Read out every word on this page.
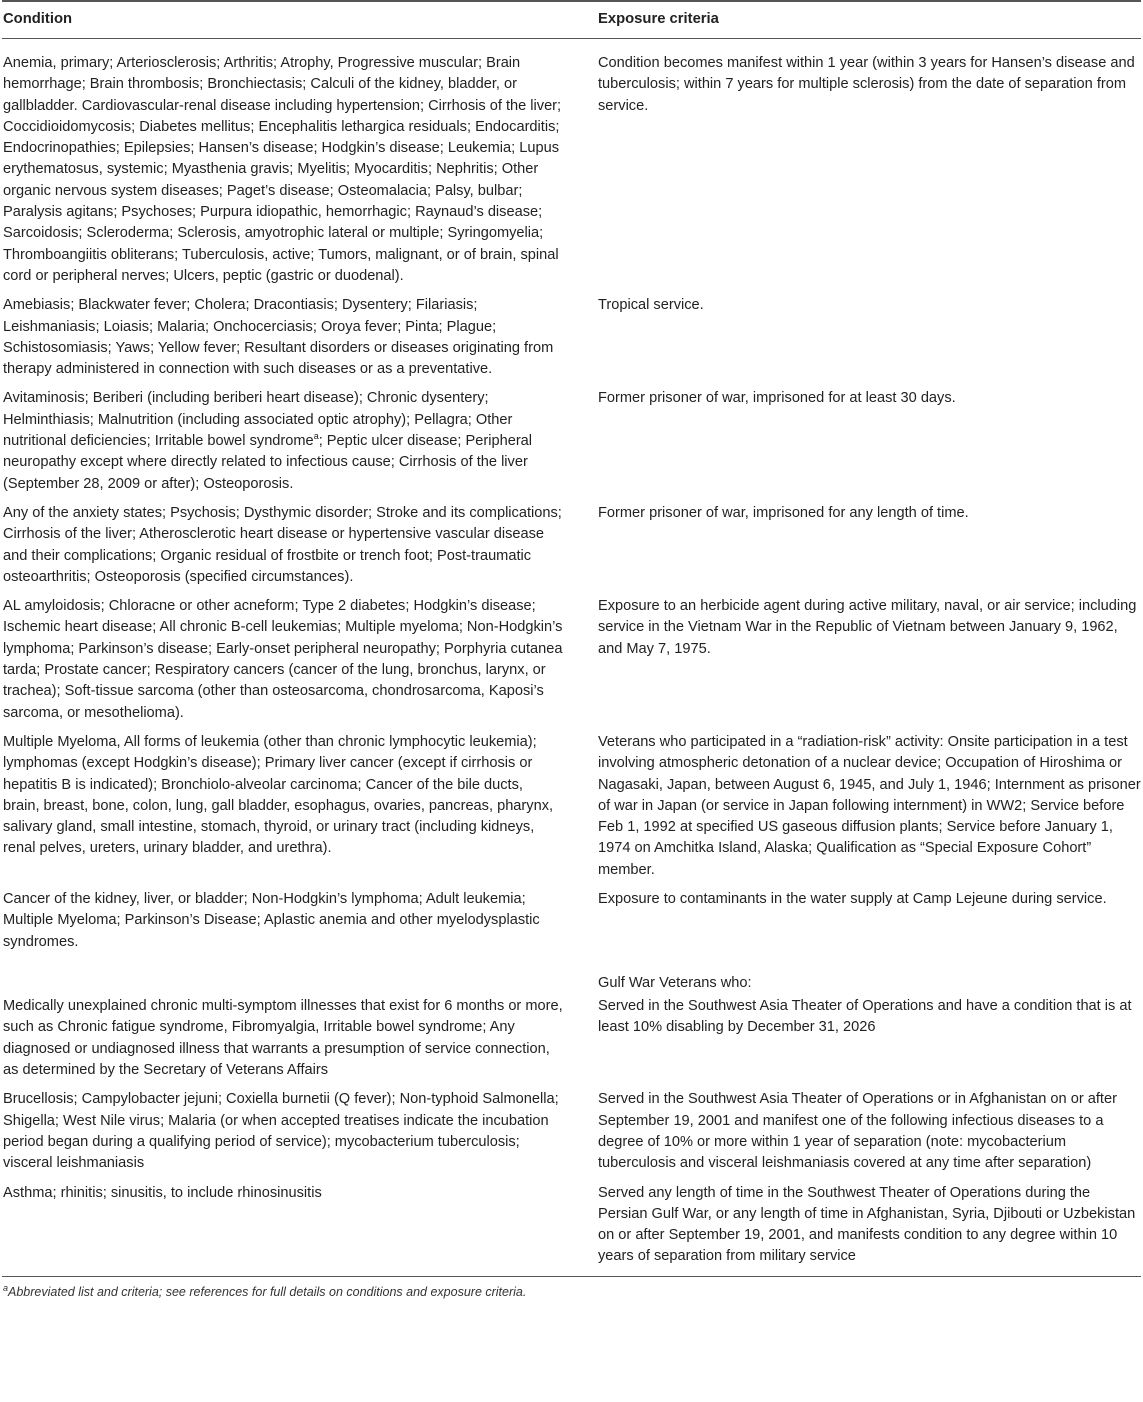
Condition	Exposure criteria
Anemia, primary; Arteriosclerosis; Arthritis; Atrophy, Progressive muscular; Brain hemorrhage; Brain thrombosis; Bronchiectasis; Calculi of the kidney, bladder, or gallbladder. Cardiovascular-renal disease including hypertension; Cirrhosis of the liver; Coccidioidomycosis; Diabetes mellitus; Encephalitis lethargica residuals; Endocarditis; Endocrinopathies; Epilepsies; Hansen’s disease; Hodgkin’s disease; Leukemia; Lupus erythematosus, systemic; Myasthenia gravis; Myelitis; Myocarditis; Nephritis; Other organic nervous system diseases; Paget’s disease; Osteomalacia; Palsy, bulbar; Paralysis agitans; Psychoses; Purpura idiopathic, hemorrhagic; Raynaud’s disease; Sarcoidosis; Scleroderma; Sclerosis, amyotrophic lateral or multiple; Syringomyelia; Thromboangiitis obliterans; Tuberculosis, active; Tumors, malignant, or of brain, spinal cord or peripheral nerves; Ulcers, peptic (gastric or duodenal).
Condition becomes manifest within 1 year (within 3 years for Hansen’s disease and tuberculosis; within 7 years for multiple sclerosis) from the date of separation from service.
Amebiasis; Blackwater fever; Cholera; Dracontiasis; Dysentery; Filariasis; Leishmaniasis; Loiasis; Malaria; Onchocerciasis; Oroya fever; Pinta; Plague; Schistosomiasis; Yaws; Yellow fever; Resultant disorders or diseases originating from therapy administered in connection with such diseases or as a preventative.
Tropical service.
Avitaminosis; Beriberi (including beriberi heart disease); Chronic dysentery; Helminthiasis; Malnutrition (including associated optic atrophy); Pellagra; Other nutritional deficiencies; Irritable bowel syndrome$^a$; Peptic ulcer disease; Peripheral neuropathy except where directly related to infectious cause; Cirrhosis of the liver (September 28, 2009 or after); Osteoporosis.
Former prisoner of war, imprisoned for at least 30 days.
Any of the anxiety states; Psychosis; Dysthymic disorder; Stroke and its complications; Cirrhosis of the liver; Atherosclerotic heart disease or hypertensive vascular disease and their complications; Organic residual of frostbite or trench foot; Post-traumatic osteoarthritis; Osteoporosis (specified circumstances).
Former prisoner of war, imprisoned for any length of time.
AL amyloidosis; Chloracne or other acneform; Type 2 diabetes; Hodgkin’s disease; Ischemic heart disease; All chronic B-cell leukemias; Multiple myeloma; Non-Hodgkin’s lymphoma; Parkinson’s disease; Early-onset peripheral neuropathy; Porphyria cutanea tarda; Prostate cancer; Respiratory cancers (cancer of the lung, bronchus, larynx, or trachea); Soft-tissue sarcoma (other than osteosarcoma, chondrosarcoma, Kaposi’s sarcoma, or mesothelioma).
Exposure to an herbicide agent during active military, naval, or air service; including service in the Vietnam War in the Republic of Vietnam between January 9, 1962, and May 7, 1975.
Multiple Myeloma, All forms of leukemia (other than chronic lymphocytic leukemia); lymphomas (except Hodgkin’s disease); Primary liver cancer (except if cirrhosis or hepatitis B is indicated); Bronchiolo-alveolar carcinoma; Cancer of the bile ducts, brain, breast, bone, colon, lung, gall bladder, esophagus, ovaries, pancreas, pharynx, salivary gland, small intestine, stomach, thyroid, or urinary tract (including kidneys, renal pelves, ureters, urinary bladder, and urethra).
Veterans who participated in a “radiation-risk” activity: Onsite participation in a test involving atmospheric detonation of a nuclear device; Occupation of Hiroshima or Nagasaki, Japan, between August 6, 1945, and July 1, 1946; Internment as prisoner of war in Japan (or service in Japan following internment) in WW2; Service before Feb 1, 1992 at specified US gaseous diffusion plants; Service before January 1, 1974 on Amchitka Island, Alaska; Qualification as “Special Exposure Cohort” member.
Cancer of the kidney, liver, or bladder; Non-Hodgkin’s lymphoma; Adult leukemia; Multiple Myeloma; Parkinson’s Disease; Aplastic anemia and other myelodysplastic syndromes.
Exposure to contaminants in the water supply at Camp Lejeune during service.
Gulf War Veterans who:
Medically unexplained chronic multi-symptom illnesses that exist for 6 months or more, such as Chronic fatigue syndrome, Fibromyalgia, Irritable bowel syndrome; Any diagnosed or undiagnosed illness that warrants a presumption of service connection, as determined by the Secretary of Veterans Affairs
Served in the Southwest Asia Theater of Operations and have a condition that is at least 10% disabling by December 31, 2026
Brucellosis; Campylobacter jejuni; Coxiella burnetii (Q fever); Non-typhoid Salmonella; Shigella; West Nile virus; Malaria (or when accepted treatises indicate the incubation period began during a qualifying period of service); mycobacterium tuberculosis; visceral leishmaniasis
Served in the Southwest Asia Theater of Operations or in Afghanistan on or after September 19, 2001 and manifest one of the following infectious diseases to a degree of 10% or more within 1 year of separation (note: mycobacterium tuberculosis and visceral leishmaniasis covered at any time after separation)
Asthma; rhinitis; sinusitis, to include rhinosinusitis	Served any length of time in the Southwest Theater of Operations during the Persian Gulf War, or any length of time in Afghanistan, Syria, Djibouti or Uzbekistan on or after September 19, 2001, and manifests condition to any degree within 10 years of separation from military service
$^a$Abbreviated list and criteria; see references for full details on conditions and exposure criteria.
